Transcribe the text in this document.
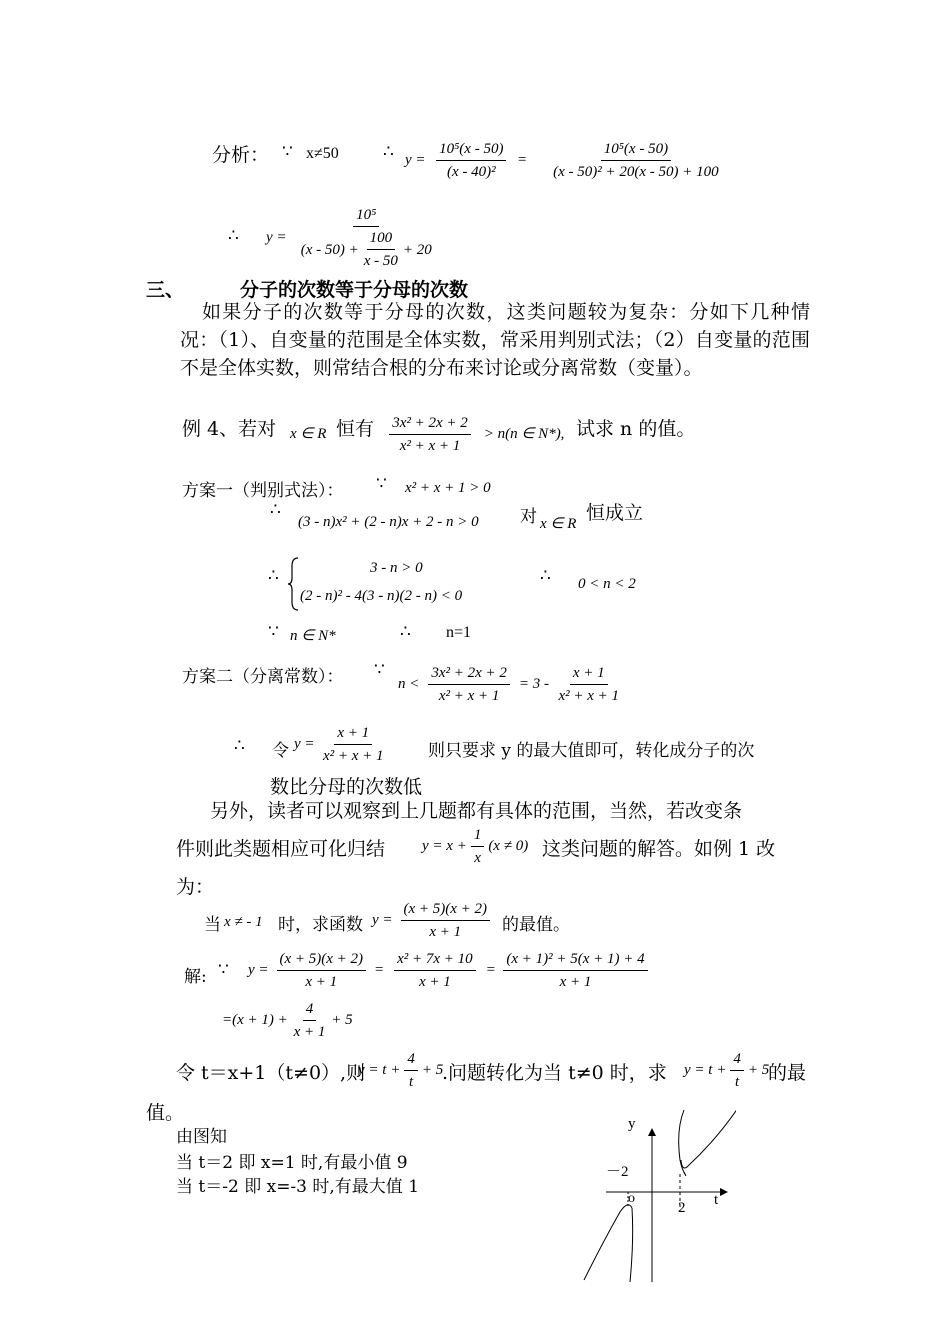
分析： ∵ x≠50	∴ $y = \frac{\text{10⁵(x - 50)}}{\text{(x - 40)²}} = \frac{\text{10⁵(x - 50)}}{\text{(x - 50)² + 20(x - 50) + 100}}$
∴ $y = \frac{\text{10⁵}}{(x - 50) + \frac{100}{x - 50} + 20}$
三、	分子的次数等于分母的次数
如果分子的次数等于分母的次数，这类问题较为复杂：分如下几种情况：（1）、自变量的范围是全体实数，常采用判别式法；（2）自变量的范围不是全体实数，则常结合根的分布来讨论或分离常数（变量）。
例 4、若对 x ∈ R 恒有 $\frac{\text{3x² + 2x + 2}}{\text{x² + x + 1}} > n(n$ ∈ N*), 试求 n 的值。
方案一（判别式法）： ∵ x² + x + 1 > 0
∴
(3 - n)x² + (2 - n)x + 2 - n > 0 对 x ∈ R 恒成立
∴	3 - n > 0
(2 - n)² - 4(3 - n)(2 - n) < 0
∴ 0 < n < 2
∵ n ∈ N*	∴ n=1
方案二（分离常数）： ∵
$n < \frac{\text{3x² + 2x + 2}}{\text{x² + x + 1}} = 3 - \frac{x + 1}{\text{x² + x + 1}}$
∴ 令 $y = \frac{x + 1}{\text{x² + x + 1}}$ 则只要求 y 的最大值即可，转化成分子的次
数比分母的次数低
另外，读者可以观察到上几题都有具体的范围，当然，若改变条
件则此类题相应可化归结 $y = x + \frac{1}{x} (x \ne 0)$ 这类问题的解答。如例 1 改
为：
当 x ≠ - 1 时，求函数 $y = \frac{(x + 5)(x + 2)}{x + 1}$ 的最值。
解: ∵ $y = \frac{(x + 5)(x + 2)}{x + 1} = \frac{\text{x² + 7x + 10}}{x + 1} = \frac{\text{(x + 1)² + 5(x + 1) + 4}}{x + 1}$
$=(x + 1) + \frac{4}{x + 1} + 5$
令 t＝x+1（t≠0）,则
$y = t + \frac{4}{t} + 5$
.问题转化为当 t≠0 时，求 $y = t + \frac{4}{t} + 5$
的最
值。
由图知
当 t＝2 即 x=1 时,有最小值 9
当 t＝-2 即 x=-3 时,有最大值 1
y
t
o
－2
2
